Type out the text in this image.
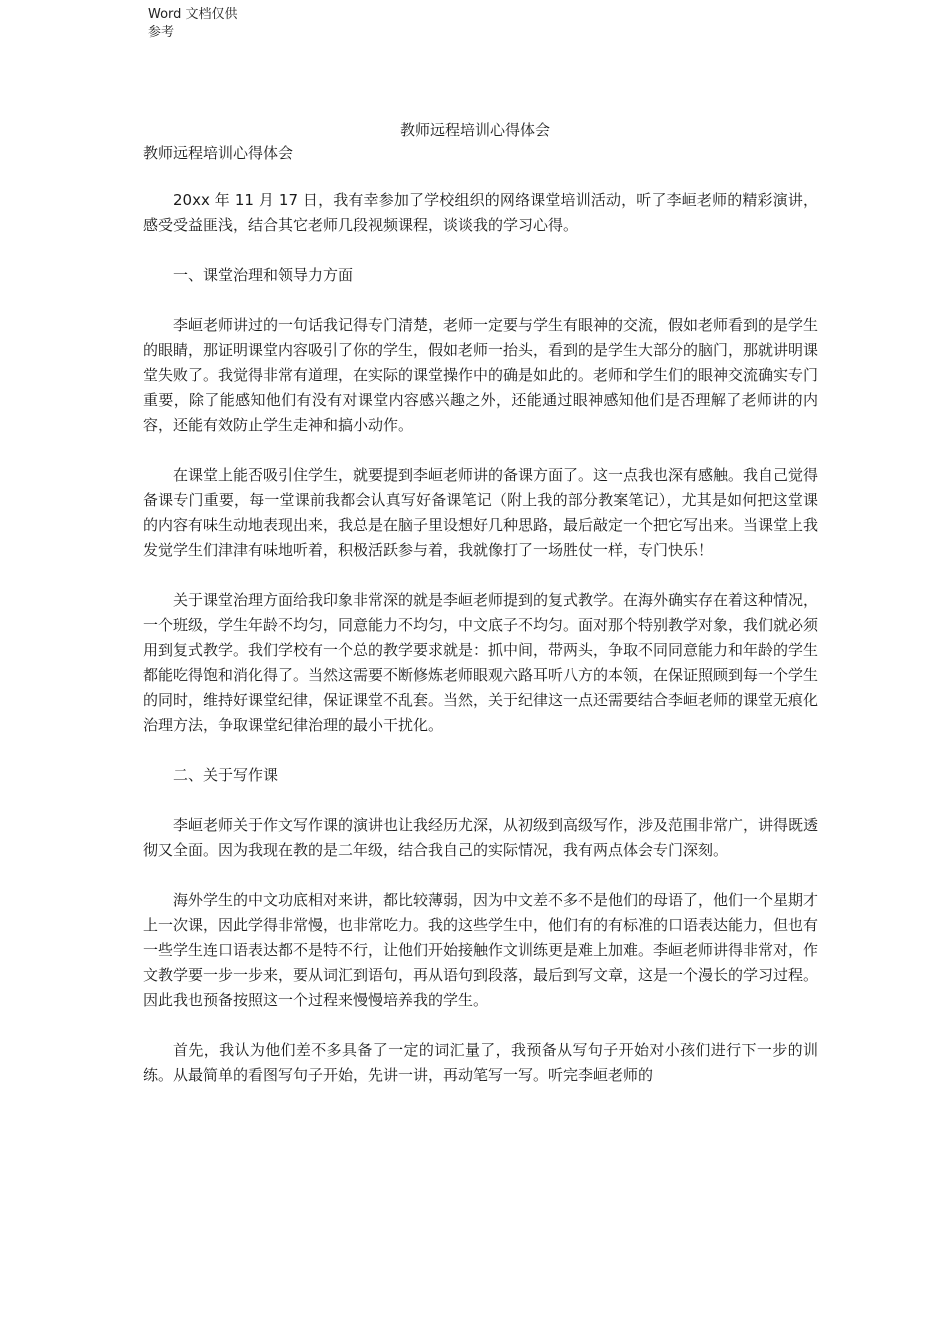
Word 文档仅供参考
教师远程培训心得体会
教师远程培训心得体会

20xx 年 11 月 17 日，我有幸参加了学校组织的网络课堂培训活动，听了李峘老师的精彩演讲，感受受益匪浅，结合其它老师几段视频课程，谈谈我的学习心得。

一、课堂治理和领导力方面

李峘老师讲过的一句话我记得专门清楚，老师一定要与学生有眼神的交流，假如老师看到的是学生的眼睛，那证明课堂内容吸引了你的学生，假如老师一抬头，看到的是学生大部分的脑门，那就讲明课堂失败了。我觉得非常有道理，在实际的课堂操作中的确是如此的。老师和学生们的眼神交流确实专门重要，除了能感知他们有没有对课堂内容感兴趣之外，还能通过眼神感知他们是否理解了老师讲的内容，还能有效防止学生走神和搞小动作。

在课堂上能否吸引住学生，就要提到李峘老师讲的备课方面了。这一点我也深有感触。我自己觉得备课专门重要，每一堂课前我都会认真写好备课笔记（附上我的部分教案笔记），尤其是如何把这堂课的内容有味生动地表现出来，我总是在脑子里设想好几种思路，最后敲定一个把它写出来。当课堂上我发觉学生们津津有味地听着，积极活跃参与着，我就像打了一场胜仗一样，专门快乐！

关于课堂治理方面给我印象非常深的就是李峘老师提到的复式教学。在海外确实存在着这种情况，一个班级，学生年龄不均匀，同意能力不均匀，中文底子不均匀。面对那个特别教学对象，我们就必须用到复式教学。我们学校有一个总的教学要求就是：抓中间，带两头，争取不同同意能力和年龄的学生都能吃得饱和消化得了。当然这需要不断修炼老师眼观六路耳听八方的本领，在保证照顾到每一个学生的同时，维持好课堂纪律，保证课堂不乱套。当然，关于纪律这一点还需要结合李峘老师的课堂无痕化治理方法，争取课堂纪律治理的最小干扰化。

二、关于写作课

李峘老师关于作文写作课的演讲也让我经历尤深，从初级到高级写作，涉及范围非常广，讲得既透彻又全面。因为我现在教的是二年级，结合我自己的实际情况，我有两点体会专门深刻。

海外学生的中文功底相对来讲，都比较薄弱，因为中文差不多不是他们的母语了，他们一个星期才上一次课，因此学得非常慢，也非常吃力。我的这些学生中，他们有的有标准的口语表达能力，但也有一些学生连口语表达都不是特不行，让他们开始接触作文训练更是难上加难。李峘老师讲得非常对，作文教学要一步一步来，要从词汇到语句，再从语句到段落，最后到写文章，这是一个漫长的学习过程。因此我也预备按照这一个过程来慢慢培养我的学生。

首先，我认为他们差不多具备了一定的词汇量了，我预备从写句子开始对小孩们进行下一步的训练。从最简单的看图写句子开始，先讲一讲，再动笔写一写。听完李峘老师的
